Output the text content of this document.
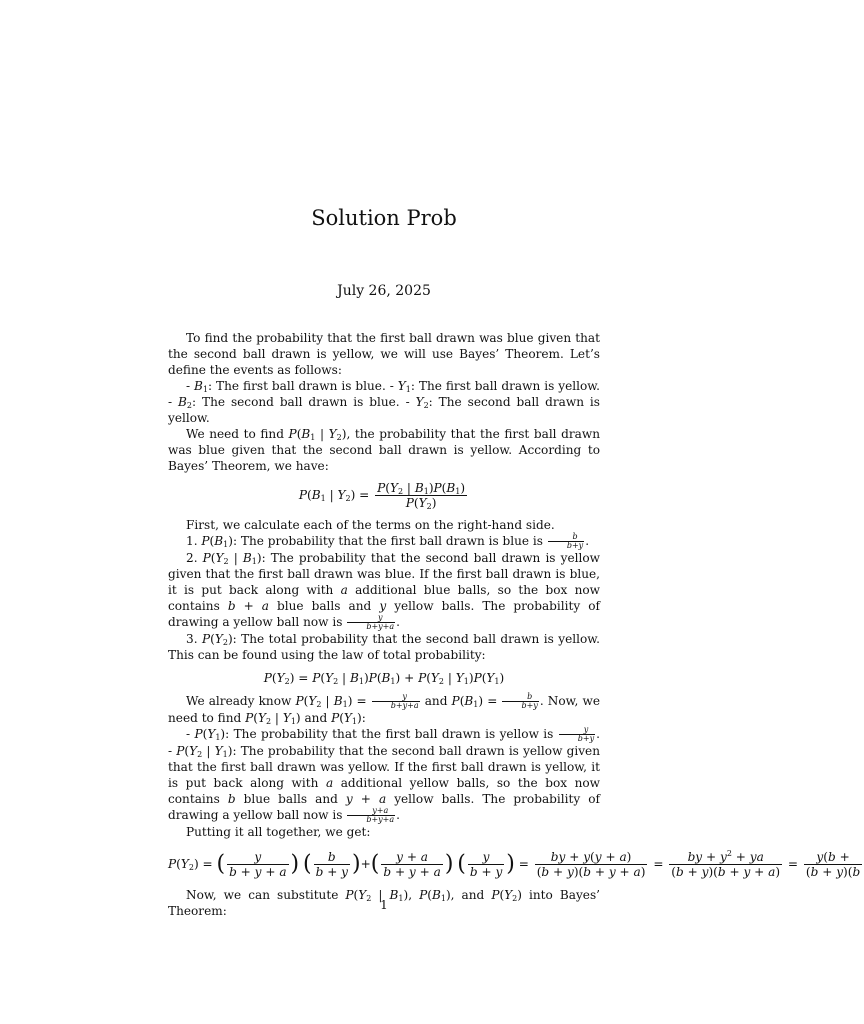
Solution Prob
July 26, 2025

To find the probability that the first ball drawn was blue given that the second ball drawn is yellow, we will use Bayes’ Theorem. Let’s define the events as follows:

- $B_1$: The first ball drawn is blue. - $Y_1$: The first ball drawn is yellow. - $B_2$: The second ball drawn is blue. - $Y_2$: The second ball drawn is yellow.

We need to find $P(B_1$ | $Y_2$), the probability that the first ball drawn was blue given that the second ball drawn is yellow. According to Bayes’ Theorem, we have:

$P(B_1$ | $Y_2) = \frac{P(Y_2 | B_1)P(B_1)}{P(Y_2)}$

First, we calculate each of the terms on the right-hand side.

1. $P(B_1)$: The probability that the first ball drawn is blue is $\frac{b}{b+y}$ .

2. $P(Y_2$ | $B_1$): The probability that the second ball drawn is yellow given that the first ball drawn was blue. If the first ball drawn is blue, it is put back along with a additional blue balls, so the box now contains b + a blue balls and y yellow balls. The probability of drawing a yellow ball now is $\frac{y}{b+y+a}$ .

3. $P(Y_2)$: The total probability that the second ball drawn is yellow. This can be found using the law of total probability:

$P(Y_2) = P(Y_2$ | $B_1)P(B_1) + P(Y_2$ | $Y_1)P(Y_1)$

We already know $P(Y_2$ | $B_1) = \frac{y}{b+y+a}$ and $P(B_1) = \frac{b}{b+y}$ . Now, we need to find $P(Y_2$ | $Y_1$) and $P(Y_1)$:

- $P(Y_1)$: The probability that the first ball drawn is yellow is $\frac{y}{b+y}$ . - $P(Y_2$ | $Y_1$): The probability that the second ball drawn is yellow given that the first ball drawn was yellow. If the first ball drawn is yellow, it is put back along with a additional yellow balls, so the box now contains b blue balls and y + a yellow balls. The probability of drawing a yellow ball now is $\frac{y+a}{b+y+a}$ .

Putting it all together, we get:

$P(Y_2)$ = ( $\frac{y}{b + y + a}$ ) ( $\frac{b}{b + y}$ )+( $\frac{y + a}{b + y + a}$ ) ( $\frac{y}{b + y}$ ) = $\frac{by + y(y + a)}{(b + y)(b + y + a)} = \frac{by + y^2 + ya}{(b + y)(b + y + a)} = \frac{y(b +}{(b + y)(b}$

Now, we can substitute $P(Y_2$ | $B_1$), $P(B_1)$, and $P(Y_2)$ into Bayes’ Theorem:	1
